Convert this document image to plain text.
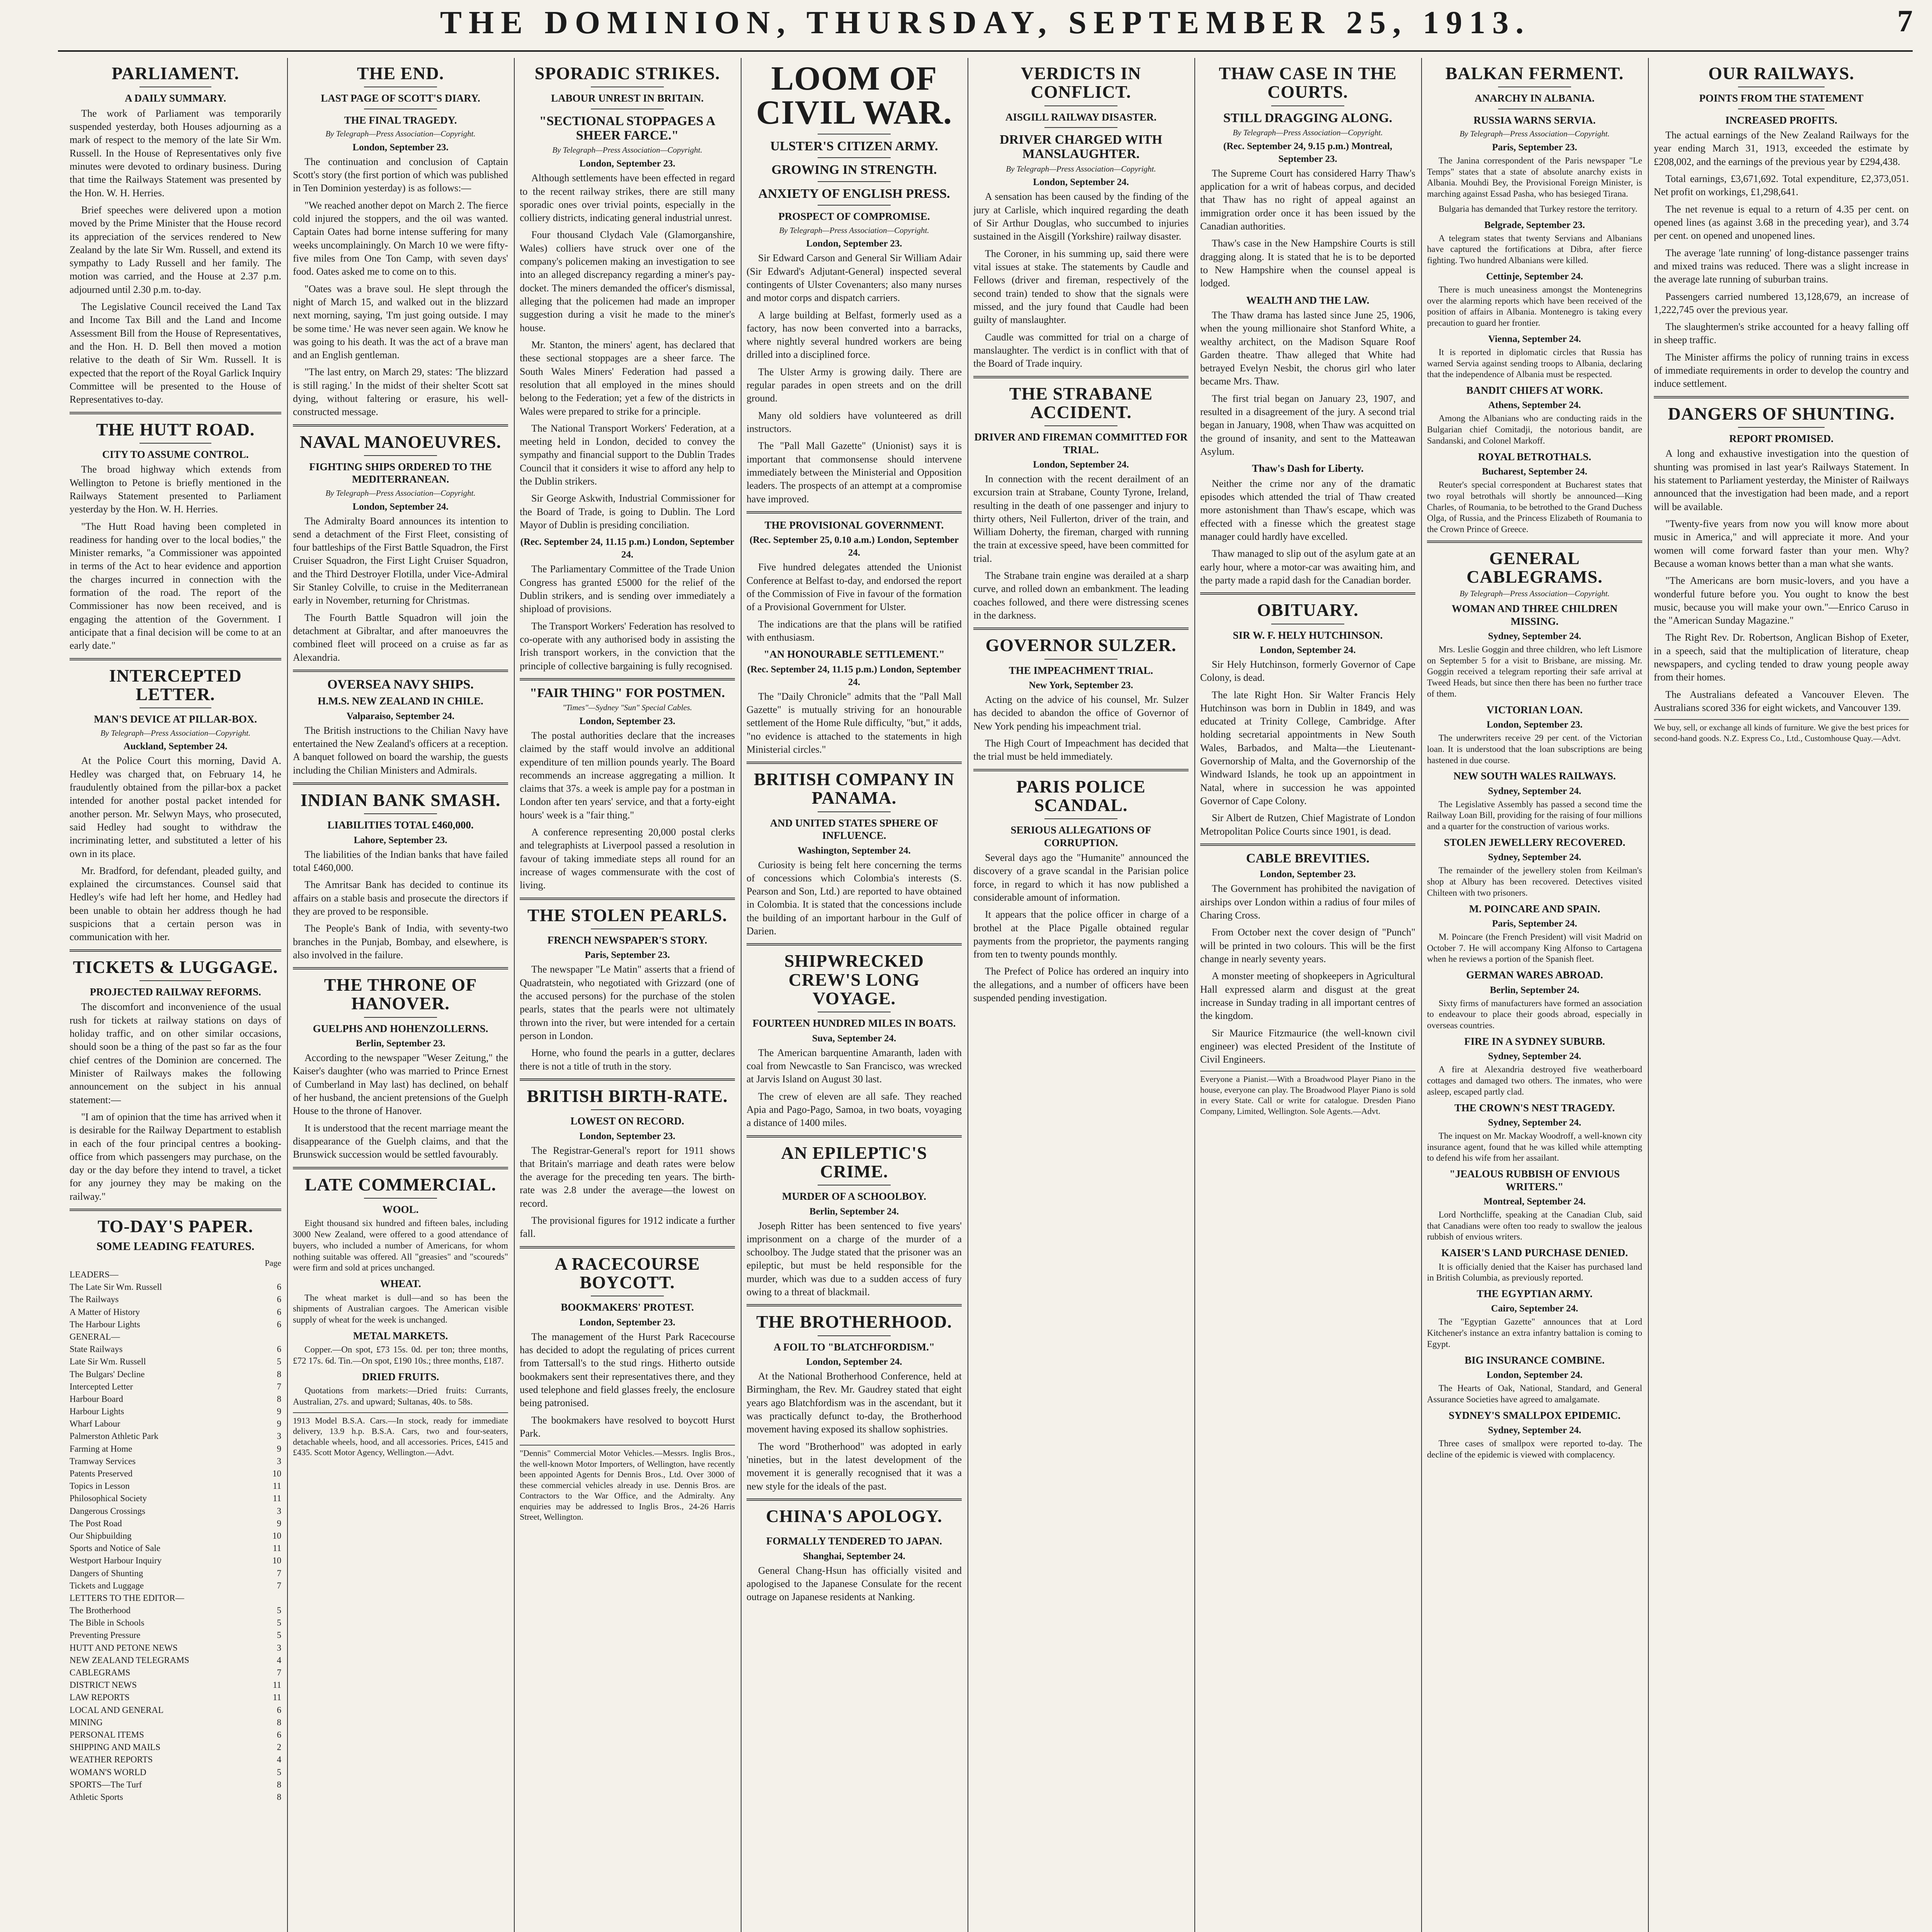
THE DOMINION, THURSDAY, SEPTEMBER 25, 1913.	7
PARLIAMENT.
A DAILY SUMMARY.

The work of Parliament was temporarily suspended yesterday, both Houses adjourning as a mark of respect to the memory of the late Sir Wm. Russell. In the House of Representatives only five minutes were devoted to ordinary business. During that time the Railways Statement was presented by the Hon. W. H. Herries.

Brief speeches were delivered upon a motion moved by the Prime Minister that the House record its appreciation of the services rendered to New Zealand by the late Sir Wm. Russell, and extend its sympathy to Lady Russell and her family. The motion was carried, and the House at 2.37 p.m. adjourned until 2.30 p.m. to-day.

The Legislative Council received the Land Tax and Income Tax Bill and the Land and Income Assessment Bill from the House of Representatives, and the Hon. H. D. Bell then moved a motion relative to the death of Sir Wm. Russell. It is expected that the report of the Royal Garlick Inquiry Committee will be presented to the House of Representatives to-day.

THE HUTT ROAD.
CITY TO ASSUME CONTROL.

The broad highway which extends from Wellington to Petone is briefly mentioned in the Railways Statement presented to Parliament yesterday by the Hon. W. H. Herries.

"The Hutt Road having been completed in readiness for handing over to the local bodies," the Minister remarks, "a Commissioner was appointed in terms of the Act to hear evidence and apportion the charges incurred in connection with the formation of the road. The report of the Commissioner has now been received, and is engaging the attention of the Government. I anticipate that a final decision will be come to at an early date."

INTERCEPTED LETTER.
MAN'S DEVICE AT PILLAR-BOX.
By Telegraph—Press Association—Copyright.
Auckland, September 24.

At the Police Court this morning, David A. Hedley was charged that, on February 14, he fraudulently obtained from the pillar-box a packet intended for another postal packet intended for another person. Mr. Selwyn Mays, who prosecuted, said Hedley had sought to withdraw the incriminating letter, and substituted a letter of his own in its place.

Mr. Bradford, for defendant, pleaded guilty, and explained the circumstances. Counsel said that Hedley's wife had left her home, and Hedley had been unable to obtain her address though he had suspicions that a certain person was in communication with her.

TICKETS & LUGGAGE.
PROJECTED RAILWAY REFORMS.

The discomfort and inconvenience of the usual rush for tickets at railway stations on days of holiday traffic, and on other similar occasions, should soon be a thing of the past so far as the four chief centres of the Dominion are concerned. The Minister of Railways makes the following announcement on the subject in his annual statement:—

"I am of opinion that the time has arrived when it is desirable for the Railway Department to establish in each of the four principal centres a booking-office from which passengers may purchase, on the day or the day before they intend to travel, a ticket for any journey they may be making on the railway."

TO-DAY'S PAPER.
SOME LEADING FEATURES.
Page
LEADERS—
The Late Sir Wm. Russell	6
The Railways	6
A Matter of History	6
The Harbour Lights	6
GENERAL—
State Railways	6
Late Sir Wm. Russell	5
The Bulgars' Decline	8
Intercepted Letter	7
Harbour Board	8
Harbour Lights	9
Wharf Labour	9
Palmerston Athletic Park	3
Farming at Home	9
Tramway Services	3
Patents Preserved	10
Topics in Lesson	11
Philosophical Society	11
Dangerous Crossings	3
The Post Road	9
Our Shipbuilding	10
Sports and Notice of Sale	11
Westport Harbour Inquiry	10
Dangers of Shunting	7
Tickets and Luggage	7
LETTERS TO THE EDITOR—
The Brotherhood	5
The Bible in Schools	5
Preventing Pressure	5
HUTT AND PETONE NEWS	3
NEW ZEALAND TELEGRAMS	4
CABLEGRAMS	7
DISTRICT NEWS	11
LAW REPORTS	11
LOCAL AND GENERAL	6
MINING	8
PERSONAL ITEMS	6
SHIPPING AND MAILS	2
WEATHER REPORTS	4
WOMAN'S WORLD	5
SPORTS—The Turf	8
Athletic Sports	8
THE END.
LAST PAGE OF SCOTT'S DIARY.
THE FINAL TRAGEDY.
By Telegraph—Press Association—Copyright.
London, September 23.

The continuation and conclusion of Captain Scott's story (the first portion of which was published in Ten Dominion yesterday) is as follows:—

"We reached another depot on March 2. The fierce cold injured the stoppers, and the oil was wanted. Captain Oates had borne intense suffering for many weeks uncomplainingly. On March 10 we were fifty-five miles from One Ton Camp, with seven days' food. Oates asked me to come on to this.

"Oates was a brave soul. He slept through the night of March 15, and walked out in the blizzard next morning, saying, 'I'm just going outside. I may be some time.' He was never seen again. We know he was going to his death. It was the act of a brave man and an English gentleman.

"The last entry, on March 29, states: 'The blizzard is still raging.' In the midst of their shelter Scott sat dying, without faltering or erasure, his well-constructed message.

NAVAL MANOEUVRES.
FIGHTING SHIPS ORDERED TO THE MEDITERRANEAN.
By Telegraph—Press Association—Copyright.
London, September 24.

The Admiralty Board announces its intention to send a detachment of the First Fleet, consisting of four battleships of the First Battle Squadron, the First Cruiser Squadron, the First Light Cruiser Squadron, and the Third Destroyer Flotilla, under Vice-Admiral Sir Stanley Colville, to cruise in the Mediterranean early in November, returning for Christmas.

The Fourth Battle Squadron will join the detachment at Gibraltar, and after manoeuvres the combined fleet will proceed on a cruise as far as Alexandria.

OVERSEA NAVY SHIPS.
H.M.S. NEW ZEALAND IN CHILE.
Valparaiso, September 24.

The British instructions to the Chilian Navy have entertained the New Zealand's officers at a reception. A banquet followed on board the warship, the guests including the Chilian Ministers and Admirals.

INDIAN BANK SMASH.
LIABILITIES TOTAL £460,000.
Lahore, September 23.

The liabilities of the Indian banks that have failed total £460,000.

The Amritsar Bank has decided to continue its affairs on a stable basis and prosecute the directors if they are proved to be responsible.

The People's Bank of India, with seventy-two branches in the Punjab, Bombay, and elsewhere, is also involved in the failure.

THE THRONE OF HANOVER.
GUELPHS AND HOHENZOLLERNS.
Berlin, September 23.

According to the newspaper "Weser Zeitung," the Kaiser's daughter (who was married to Prince Ernest of Cumberland in May last) has declined, on behalf of her husband, the ancient pretensions of the Guelph House to the throne of Hanover.

It is understood that the recent marriage meant the disappearance of the Guelph claims, and that the Brunswick succession would be settled favourably.

LATE COMMERCIAL.
WOOL.

Eight thousand six hundred and fifteen bales, including 3000 New Zealand, were offered to a good attendance of buyers, who included a number of Americans, for whom nothing suitable was offered. All "greasies" and "scoureds" were firm and sold at prices unchanged.

WHEAT.

The wheat market is dull—and so has been the shipments of Australian cargoes. The American visible supply of wheat for the week is unchanged.

METAL MARKETS.

Copper.—On spot, £73 15s. 0d. per ton; three months, £72 17s. 6d. Tin.—On spot, £190 10s.; three months, £187.

DRIED FRUITS.

Quotations from markets:—Dried fruits: Currants, Australian, 27s. and upward; Sultanas, 40s. to 58s.

1913 Model B.S.A. Cars.—In stock, ready for immediate delivery, 13.9 h.p. B.S.A. Cars, two and four-seaters, detachable wheels, hood, and all accessories. Prices, £415 and £435. Scott Motor Agency, Wellington.—Advt.
SPORADIC STRIKES.
LABOUR UNREST IN BRITAIN.
"SECTIONAL STOPPAGES A SHEER FARCE."
By Telegraph—Press Association—Copyright.
London, September 23.

Although settlements have been effected in regard to the recent railway strikes, there are still many sporadic ones over trivial points, especially in the colliery districts, indicating general industrial unrest.

Four thousand Clydach Vale (Glamorganshire, Wales) colliers have struck over one of the company's policemen making an investigation to see into an alleged discrepancy regarding a miner's pay-docket. The miners demanded the officer's dismissal, alleging that the policemen had made an improper suggestion during a visit he made to the miner's house.

Mr. Stanton, the miners' agent, has declared that these sectional stoppages are a sheer farce. The South Wales Miners' Federation had passed a resolution that all employed in the mines should belong to the Federation; yet a few of the districts in Wales were prepared to strike for a principle.

The National Transport Workers' Federation, at a meeting held in London, decided to convey the sympathy and financial support to the Dublin Trades Council that it considers it wise to afford any help to the Dublin strikers.

Sir George Askwith, Industrial Commissioner for the Board of Trade, is going to Dublin. The Lord Mayor of Dublin is presiding conciliation.

(Rec. September 24, 11.15 p.m.) London, September 24.

The Parliamentary Committee of the Trade Union Congress has granted £5000 for the relief of the Dublin strikers, and is sending over immediately a shipload of provisions.

The Transport Workers' Federation has resolved to co-operate with any authorised body in assisting the Irish transport workers, in the conviction that the principle of collective bargaining is fully recognised.

"FAIR THING" FOR POSTMEN.
"Times"—Sydney "Sun" Special Cables.
London, September 23.

The postal authorities declare that the increases claimed by the staff would involve an additional expenditure of ten million pounds yearly. The Board recommends an increase aggregating a million. It claims that 37s. a week is ample pay for a postman in London after ten years' service, and that a forty-eight hours' week is a "fair thing."

A conference representing 20,000 postal clerks and telegraphists at Liverpool passed a resolution in favour of taking immediate steps all round for an increase of wages commensurate with the cost of living.

THE STOLEN PEARLS.
FRENCH NEWSPAPER'S STORY.
Paris, September 23.

The newspaper "Le Matin" asserts that a friend of Quadratstein, who negotiated with Grizzard (one of the accused persons) for the purchase of the stolen pearls, states that the pearls were not ultimately thrown into the river, but were intended for a certain person in London.

Horne, who found the pearls in a gutter, declares there is not a title of truth in the story.

BRITISH BIRTH-RATE.
LOWEST ON RECORD.
London, September 23.

The Registrar-General's report for 1911 shows that Britain's marriage and death rates were below the average for the preceding ten years. The birth-rate was 2.8 under the average—the lowest on record.

The provisional figures for 1912 indicate a further fall.

A RACECOURSE BOYCOTT.
BOOKMAKERS' PROTEST.
London, September 23.

The management of the Hurst Park Racecourse has decided to adopt the regulating of prices current from Tattersall's to the stud rings. Hitherto outside bookmakers sent their representatives there, and they used telephone and field glasses freely, the enclosure being patronised.

The bookmakers have resolved to boycott Hurst Park.

"Dennis" Commercial Motor Vehicles.—Messrs. Inglis Bros., the well-known Motor Importers, of Wellington, have recently been appointed Agents for Dennis Bros., Ltd. Over 3000 of these commercial vehicles already in use. Dennis Bros. are Contractors to the War Office, and the Admiralty. Any enquiries may be addressed to Inglis Bros., 24-26 Harris Street, Wellington.
LOOM OF CIVIL WAR.
ULSTER'S CITIZEN ARMY.
GROWING IN STRENGTH.
ANXIETY OF ENGLISH PRESS.
PROSPECT OF COMPROMISE.
By Telegraph—Press Association—Copyright.
London, September 23.

Sir Edward Carson and General Sir William Adair (Sir Edward's Adjutant-General) inspected several contingents of Ulster Covenanters; also many nurses and motor corps and dispatch carriers.

A large building at Belfast, formerly used as a factory, has now been converted into a barracks, where nightly several hundred workers are being drilled into a disciplined force.

The Ulster Army is growing daily. There are regular parades in open streets and on the drill ground.

Many old soldiers have volunteered as drill instructors.

The "Pall Mall Gazette" (Unionist) says it is important that commonsense should intervene immediately between the Ministerial and Opposition leaders. The prospects of an attempt at a compromise have improved.

THE PROVISIONAL GOVERNMENT.
(Rec. September 25, 0.10 a.m.) London, September 24.

Five hundred delegates attended the Unionist Conference at Belfast to-day, and endorsed the report of the Commission of Five in favour of the formation of a Provisional Government for Ulster.

The indications are that the plans will be ratified with enthusiasm.

"AN HONOURABLE SETTLEMENT."
(Rec. September 24, 11.15 p.m.) London, September 24.

The "Daily Chronicle" admits that the "Pall Mall Gazette" is mutually striving for an honourable settlement of the Home Rule difficulty, "but," it adds, "no evidence is attached to the statements in high Ministerial circles."

BRITISH COMPANY IN PANAMA.
AND UNITED STATES SPHERE OF INFLUENCE.
Washington, September 24.

Curiosity is being felt here concerning the terms of concessions which Colombia's interests (S. Pearson and Son, Ltd.) are reported to have obtained in Colombia. It is stated that the concessions include the building of an important harbour in the Gulf of Darien.

SHIPWRECKED CREW'S LONG VOYAGE.
FOURTEEN HUNDRED MILES IN BOATS.
Suva, September 24.

The American barquentine Amaranth, laden with coal from Newcastle to San Francisco, was wrecked at Jarvis Island on August 30 last.

The crew of eleven are all safe. They reached Apia and Pago-Pago, Samoa, in two boats, voyaging a distance of 1400 miles.

AN EPILEPTIC'S CRIME.
MURDER OF A SCHOOLBOY.
Berlin, September 24.

Joseph Ritter has been sentenced to five years' imprisonment on a charge of the murder of a schoolboy. The Judge stated that the prisoner was an epileptic, but must be held responsible for the murder, which was due to a sudden access of fury owing to a threat of blackmail.

THE BROTHERHOOD.
A FOIL TO "BLATCHFORDISM."
London, September 24.

At the National Brotherhood Conference, held at Birmingham, the Rev. Mr. Gaudrey stated that eight years ago Blatchfordism was in the ascendant, but it was practically defunct to-day, the Brotherhood movement having exposed its shallow sophistries.

The word "Brotherhood" was adopted in early 'nineties, but in the latest development of the movement it is generally recognised that it was a new style for the ideals of the past.

CHINA'S APOLOGY.
FORMALLY TENDERED TO JAPAN.
Shanghai, September 24.

General Chang-Hsun has officially visited and apologised to the Japanese Consulate for the recent outrage on Japanese residents at Nanking.

VERDICTS IN CONFLICT.
AISGILL RAILWAY DISASTER.
DRIVER CHARGED WITH MANSLAUGHTER.
By Telegraph—Press Association—Copyright.
London, September 24.

A sensation has been caused by the finding of the jury at Carlisle, which inquired regarding the death of Sir Arthur Douglas, who succumbed to injuries sustained in the Aisgill (Yorkshire) railway disaster.

The Coroner, in his summing up, said there were vital issues at stake. The statements by Caudle and Fellows (driver and fireman, respectively of the second train) tended to show that the signals were missed, and the jury found that Caudle had been guilty of manslaughter.

Caudle was committed for trial on a charge of manslaughter. The verdict is in conflict with that of the Board of Trade inquiry.

THE STRABANE ACCIDENT.
DRIVER AND FIREMAN COMMITTED FOR TRIAL.
London, September 24.

In connection with the recent derailment of an excursion train at Strabane, County Tyrone, Ireland, resulting in the death of one passenger and injury to thirty others, Neil Fullerton, driver of the train, and William Doherty, the fireman, charged with running the train at excessive speed, have been committed for trial.

The Strabane train engine was derailed at a sharp curve, and rolled down an embankment. The leading coaches followed, and there were distressing scenes in the darkness.

GOVERNOR SULZER.
THE IMPEACHMENT TRIAL.
New York, September 23.

Acting on the advice of his counsel, Mr. Sulzer has decided to abandon the office of Governor of New York pending his impeachment trial.

The High Court of Impeachment has decided that the trial must be held immediately.

PARIS POLICE SCANDAL.
SERIOUS ALLEGATIONS OF CORRUPTION.

Several days ago the "Humanite" announced the discovery of a grave scandal in the Parisian police force, in regard to which it has now published a considerable amount of information.

It appears that the police officer in charge of a brothel at the Place Pigalle obtained regular payments from the proprietor, the payments ranging from ten to twenty pounds monthly.

The Prefect of Police has ordered an inquiry into the allegations, and a number of officers have been suspended pending investigation.

THAW CASE IN THE COURTS.
STILL DRAGGING ALONG.
By Telegraph—Press Association—Copyright.
(Rec. September 24, 9.15 p.m.) Montreal, September 23.

The Supreme Court has considered Harry Thaw's application for a writ of habeas corpus, and decided that Thaw has no right of appeal against an immigration order once it has been issued by the Canadian authorities.

Thaw's case in the New Hampshire Courts is still dragging along. It is stated that he is to be deported to New Hampshire when the counsel appeal is lodged.

WEALTH AND THE LAW.

The Thaw drama has lasted since June 25, 1906, when the young millionaire shot Stanford White, a wealthy architect, on the Madison Square Roof Garden theatre. Thaw alleged that White had betrayed Evelyn Nesbit, the chorus girl who later became Mrs. Thaw.

The first trial began on January 23, 1907, and resulted in a disagreement of the jury. A second trial began in January, 1908, when Thaw was acquitted on the ground of insanity, and sent to the Matteawan Asylum.

Thaw's Dash for Liberty.

Neither the crime nor any of the dramatic episodes which attended the trial of Thaw created more astonishment than Thaw's escape, which was effected with a finesse which the greatest stage manager could hardly have excelled.

Thaw managed to slip out of the asylum gate at an early hour, where a motor-car was awaiting him, and the party made a rapid dash for the Canadian border.

OBITUARY.
SIR W. F. HELY HUTCHINSON.
London, September 24.

Sir Hely Hutchinson, formerly Governor of Cape Colony, is dead.

The late Right Hon. Sir Walter Francis Hely Hutchinson was born in Dublin in 1849, and was educated at Trinity College, Cambridge. After holding secretarial appointments in New South Wales, Barbados, and Malta—the Lieutenant-Governorship of Malta, and the Governorship of the Windward Islands, he took up an appointment in Natal, where in succession he was appointed Governor of Cape Colony.

Sir Albert de Rutzen, Chief Magistrate of London Metropolitan Police Courts since 1901, is dead.

CABLE BREVITIES.
London, September 23.

The Government has prohibited the navigation of airships over London within a radius of four miles of Charing Cross.

From October next the cover design of "Punch" will be printed in two colours. This will be the first change in nearly seventy years.

A monster meeting of shopkeepers in Agricultural Hall expressed alarm and disgust at the great increase in Sunday trading in all important centres of the kingdom.

Sir Maurice Fitzmaurice (the well-known civil engineer) was elected President of the Institute of Civil Engineers.

Everyone a Pianist.—With a Broadwood Player Piano in the house, everyone can play. The Broadwood Player Piano is sold in every State. Call or write for catalogue. Dresden Piano Company, Limited, Wellington. Sole Agents.—Advt.
BALKAN FERMENT.
ANARCHY IN ALBANIA.
RUSSIA WARNS SERVIA.
By Telegraph—Press Association—Copyright.
Paris, September 23.

The Janina correspondent of the Paris newspaper "Le Temps" states that a state of absolute anarchy exists in Albania. Mouhdi Bey, the Provisional Foreign Minister, is marching against Essad Pasha, who has besieged Tirana.

Bulgaria has demanded that Turkey restore the territory.

Belgrade, September 23.

A telegram states that twenty Servians and Albanians have captured the fortifications at Dibra, after fierce fighting. Two hundred Albanians were killed.

Cettinje, September 24.

There is much uneasiness amongst the Montenegrins over the alarming reports which have been received of the position of affairs in Albania. Montenegro is taking every precaution to guard her frontier.

Vienna, September 24.

It is reported in diplomatic circles that Russia has warned Servia against sending troops to Albania, declaring that the independence of Albania must be respected.

BANDIT CHIEFS AT WORK.
Athens, September 24.

Among the Albanians who are conducting raids in the Bulgarian chief Comitadji, the notorious bandit, are Sandanski, and Colonel Markoff.

ROYAL BETROTHALS.
Bucharest, September 24.

Reuter's special correspondent at Bucharest states that two royal betrothals will shortly be announced—King Charles, of Roumania, to be betrothed to the Grand Duchess Olga, of Russia, and the Princess Elizabeth of Roumania to the Crown Prince of Greece.

GENERAL CABLEGRAMS.
By Telegraph—Press Association—Copyright.
WOMAN AND THREE CHILDREN MISSING.
Sydney, September 24.

Mrs. Leslie Goggin and three children, who left Lismore on September 5 for a visit to Brisbane, are missing. Mr. Goggin received a telegram reporting their safe arrival at Tweed Heads, but since then there has been no further trace of them.

VICTORIAN LOAN.
London, September 23.

The underwriters receive 29 per cent. of the Victorian loan. It is understood that the loan subscriptions are being hastened in due course.

NEW SOUTH WALES RAILWAYS.
Sydney, September 24.

The Legislative Assembly has passed a second time the Railway Loan Bill, providing for the raising of four millions and a quarter for the construction of various works.

STOLEN JEWELLERY RECOVERED.
Sydney, September 24.

The remainder of the jewellery stolen from Keilman's shop at Albury has been recovered. Detectives visited Chilteen with two prisoners.

M. POINCARE AND SPAIN.
Paris, September 24.

M. Poincare (the French President) will visit Madrid on October 7. He will accompany King Alfonso to Cartagena when he reviews a portion of the Spanish fleet.

GERMAN WARES ABROAD.
Berlin, September 24.

Sixty firms of manufacturers have formed an association to endeavour to place their goods abroad, especially in overseas countries.

FIRE IN A SYDNEY SUBURB.
Sydney, September 24.

A fire at Alexandria destroyed five weatherboard cottages and damaged two others. The inmates, who were asleep, escaped partly clad.

THE CROWN'S NEST TRAGEDY.
Sydney, September 24.

The inquest on Mr. Mackay Woodroff, a well-known city insurance agent, found that he was killed while attempting to defend his wife from her assailant.

"JEALOUS RUBBISH OF ENVIOUS WRITERS."
Montreal, September 24.

Lord Northcliffe, speaking at the Canadian Club, said that Canadians were often too ready to swallow the jealous rubbish of envious writers.

KAISER'S LAND PURCHASE DENIED.

It is officially denied that the Kaiser has purchased land in British Columbia, as previously reported.

THE EGYPTIAN ARMY.
Cairo, September 24.

The "Egyptian Gazette" announces that at Lord Kitchener's instance an extra infantry battalion is coming to Egypt.

BIG INSURANCE COMBINE.
London, September 24.

The Hearts of Oak, National, Standard, and General Assurance Societies have agreed to amalgamate.

SYDNEY'S SMALLPOX EPIDEMIC.
Sydney, September 24.

Three cases of smallpox were reported to-day. The decline of the epidemic is viewed with complacency.

OUR RAILWAYS.
POINTS FROM THE STATEMENT
INCREASED PROFITS.

The actual earnings of the New Zealand Railways for the year ending March 31, 1913, exceeded the estimate by £208,002, and the earnings of the previous year by £294,438.

Total earnings, £3,671,692. Total expenditure, £2,373,051. Net profit on workings, £1,298,641.

The net revenue is equal to a return of 4.35 per cent. on opened lines (as against 3.68 in the preceding year), and 3.74 per cent. on opened and unopened lines.

The average 'late running' of long-distance passenger trains and mixed trains was reduced. There was a slight increase in the average late running of suburban trains.

Passengers carried numbered 13,128,679, an increase of 1,222,745 over the previous year.

The slaughtermen's strike accounted for a heavy falling off in sheep traffic.

The Minister affirms the policy of running trains in excess of immediate requirements in order to develop the country and induce settlement.

DANGERS OF SHUNTING.
REPORT PROMISED.

A long and exhaustive investigation into the question of shunting was promised in last year's Railways Statement. In his statement to Parliament yesterday, the Minister of Railways announced that the investigation had been made, and a report will be available.

"Twenty-five years from now you will know more about music in America," and will appreciate it more. And your women will come forward faster than your men. Why? Because a woman knows better than a man what she wants.

"The Americans are born music-lovers, and you have a wonderful future before you. You ought to know the best music, because you will make your own."—Enrico Caruso in the "American Sunday Magazine."

The Right Rev. Dr. Robertson, Anglican Bishop of Exeter, in a speech, said that the multiplication of literature, cheap newspapers, and cycling tended to draw young people away from their homes.

The Australians defeated a Vancouver Eleven. The Australians scored 336 for eight wickets, and Vancouver 139.

We buy, sell, or exchange all kinds of furniture. We give the best prices for second-hand goods. N.Z. Express Co., Ltd., Customhouse Quay.—Advt.
